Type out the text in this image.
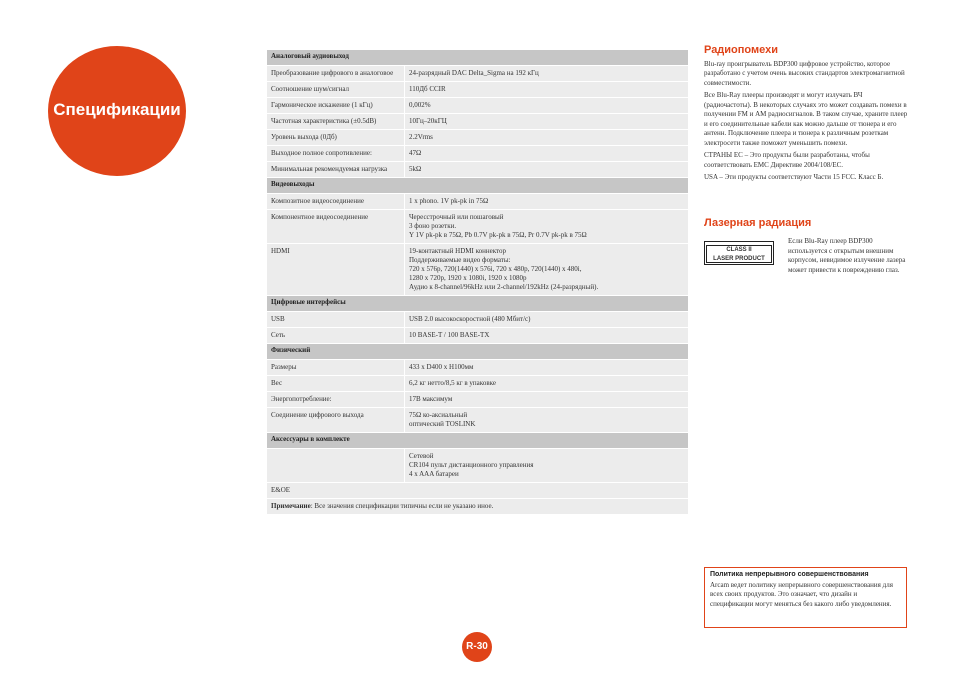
Спецификации
Аналоговый аудиовыход	
Преобразование цифрового в аналоговое	24-разрядный DAC Delta_Sigma на 192 кГц

Соотношение шум/сигнал	110Дб CCIR

Гармоническое искажение (1 кГц)	0,002%

Частотная характеристика (±0.5dB)	10Гц–20кГЦ

Уровень выхода (0Дб)	2.2Vrms

Выходное полное сопротивление:	47Ω

Минимальная рекомендуемая нагрузка	5kΩ

Видеовыходы	
Композитное видеосоединение	1 x phono. 1V pk-pk in 75Ω

Компонентное видеосоединение	Чересстрочный или пошаговый
3 фоно розетки.
Y 1V pk-pk в 75Ω, Pb 0.7V pk-pk в 75Ω, Pr 0.7V pk-pk в 75Ω

HDMI	19-контактный HDMI коннектор
Поддерживаемые видео форматы:
720 x 576p, 720(1440) x 576i, 720 x 480p, 720(1440) x 480i,
1280 x 720p, 1920 x 1080i, 1920 x 1080p
Аудио к 8-channel/96kHz или 2-channel/192kHz (24-разрядный).

Цифровые интерфейсы	
USB	USB 2.0 высокоскоростной (480 Мбит/с)

Сеть	10 BASE-T / 100 BASE-TX

Физический	
Размеры	433 x D400 x H100мм

Вес	6,2 кг нетто/8,5 кг в упаковке

Энергопотребление:	17В максимум

Соединение цифрового выхода	75Ω ко-аксиальный
оптический TOSLINK

Аксессуары в комплекте	

	Сетевой
CR104 пульт дистанционного управления
4 x AAA батареи

E&OE	
Примечание: Все значения спецификации типичны если не указано иное.	
Радиопомехи

Blu-ray проигрыватель BDP300 цифровое устройство, которое разработано с учетом очень высоких стандартов электромагнитной совместимости.

Все Blu-Ray плееры производят и могут излучать ВЧ (радиочастоты). В некоторых случаях это может создавать помехи в получении FM и AM радиосигналов. В таком случае, храните плеер и его соединительные кабели как можно дальше от тюнера и его антенн. Подключение плеера и тюнера к различным розеткам электросети также поможет уменьшить помехи.

СТРАНЫ ЕС – Это продукты были разработаны, чтобы соответствовать EMC Директиве 2004/108/EC.

USA – Эти продукты соответствуют Части 15 FCC. Класс Б.

Лазерная радиация
CLASS II
LASER PRODUCT
Если Blu-Ray плеер BDP300 используется с открытым внешним корпусом, невидимое излучение лазера может привести к повреждению глаз.
Политика непрерывного совершенствования
Arcam ведет политику непрерывного совершенствования для всех своих продуктов. Это означает, что дизайн и спецификации могут меняться без какого либо уведомления.
R-30
